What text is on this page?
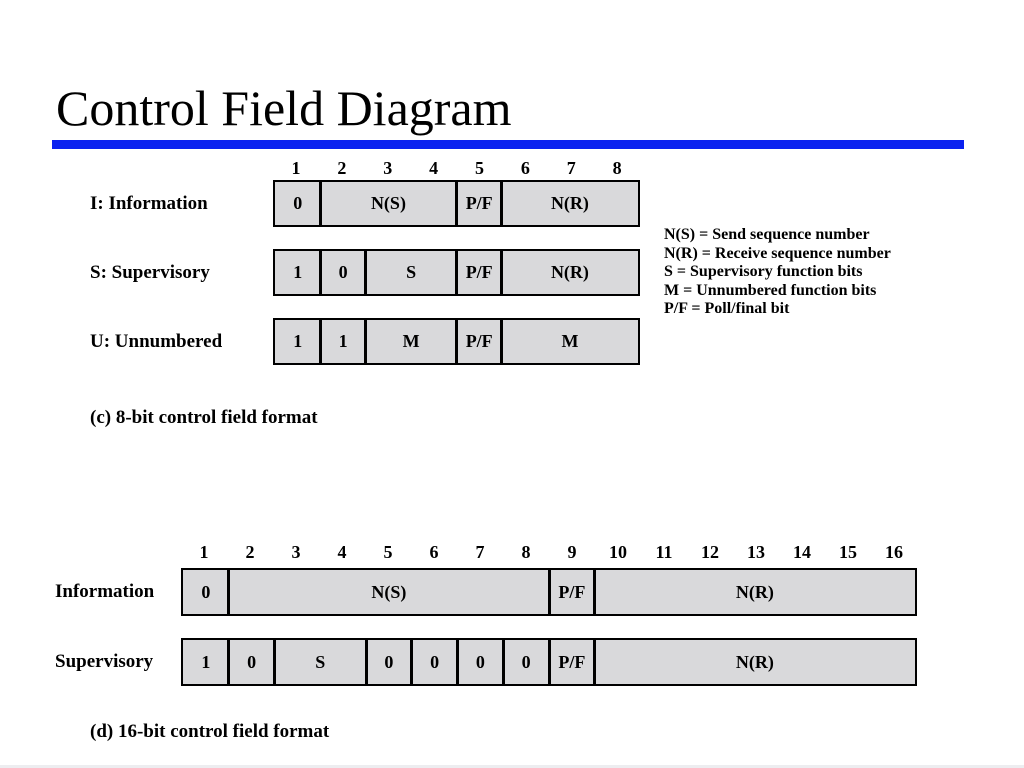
Control Field Diagram
1	2	3	4	5	6	7	8
I: Information	0	N(S)	P/F	N(R)
S: Supervisory	1	0	S	P/F	N(R)
U: Unnumbered	1	1	M	P/F	M
1	2	3	4	5	6	7	8	9	10	11	12	13	14	15	16
Information	0	N(S)	P/F	N(R)
Supervisory	1	0	S	0	0	0	0	P/F	N(R)
N(S) = Send sequence number
N(R) = Receive sequence number
S = Supervisory function bits
M = Unnumbered function bits
P/F = Poll/final bit
(c) 8-bit control field format
(d) 16-bit control field format
